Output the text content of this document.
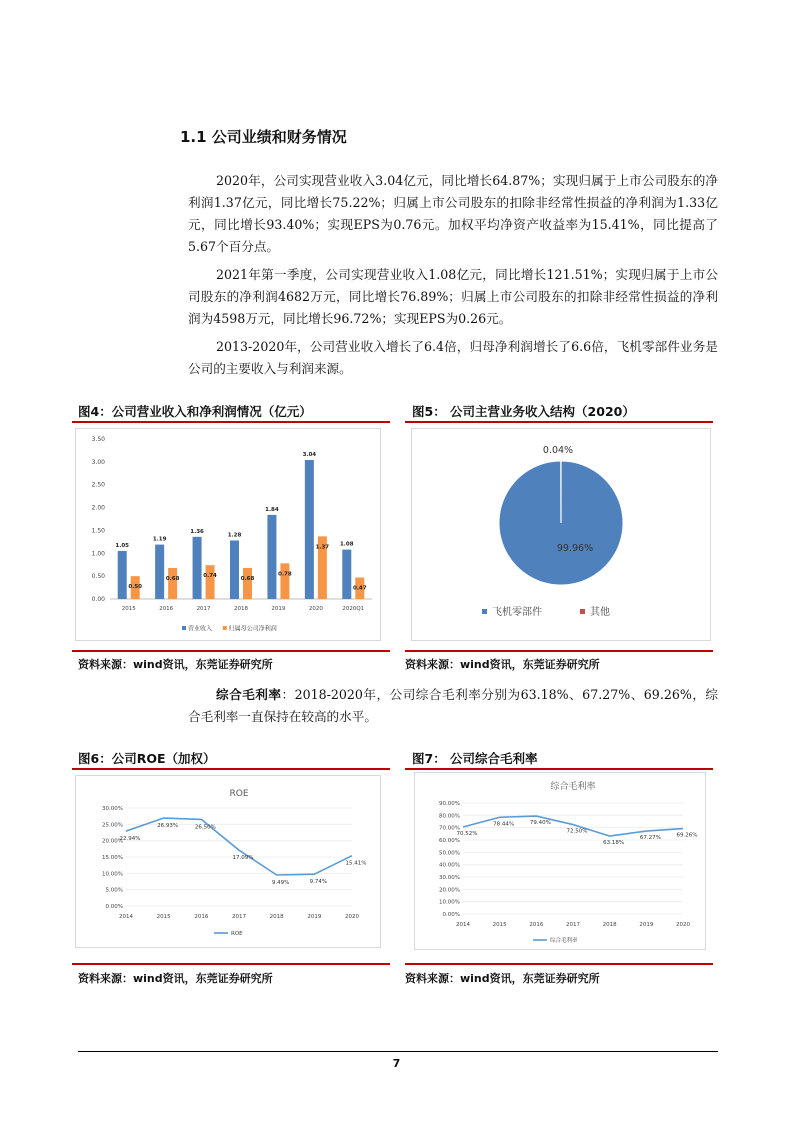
1.1 公司业绩和财务情况
2020年，公司实现营业收入3.04亿元，同比增长64.87%；实现归属于上市公司股东的净利润1.37亿元，同比增长75.22%；归属上市公司股东的扣除非经常性损益的净利润为1.33亿元，同比增长93.40%；实现EPS为0.76元。加权平均净资产收益率为15.41%，同比提高了5.67个百分点。
2021年第一季度，公司实现营业收入1.08亿元，同比增长121.51%；实现归属于上市公司股东的净利润4682万元，同比增长76.89%；归属上市公司股东的扣除非经常性损益的净利润为4598万元，同比增长96.72%；实现EPS为0.26元。
2013-2020年，公司营业收入增长了6.4倍，归母净利润增长了6.6倍，飞机零部件业务是公司的主要收入与利润来源。
图4：公司营业收入和净利润情况（亿元）
0.00
0.50
1.00
1.50
2.00
2.50
3.00
3.50
1.05
0.50
2015
1.19
0.68
2016
1.36
0.74
2017
1.28
0.68
2018
1.84
0.78
2019
3.04
1.37
2020
1.08
0.47
2020Q1
营业收入	归属母公司净利润
资料来源：wind资讯，东莞证券研究所
图5： 公司主营业务收入结构（2020）
99.96%
0.04%
飞机零部件	其他
资料来源：wind资讯，东莞证券研究所
综合毛利率：2018-2020年，公司综合毛利率分别为63.18%、67.27%、69.26%，综合毛利率一直保持在较高的水平。
图6：公司ROE（加权）
ROE
0.00%
5.00%
10.00%
15.00%
20.00%
25.00%
30.00%
22.94%
26.93%	26.50%
17.09%
9.49%	9.74%
15.41%
2014	2015	2016	2017	2018	2019	2020
ROE
资料来源：wind资讯，东莞证券研究所
图7： 公司综合毛利率
综合毛利率
0.00%
10.00%
20.00%
30.00%
40.00%
50.00%
60.00%
70.00%
80.00%
90.00%
70.52%
78.44%	79.40%
72.50%
63.18%
67.27%	69.26%
2014	2015	2016	2017	2018	2019	2020
综合毛利率
资料来源：wind资讯，东莞证券研究所
7
